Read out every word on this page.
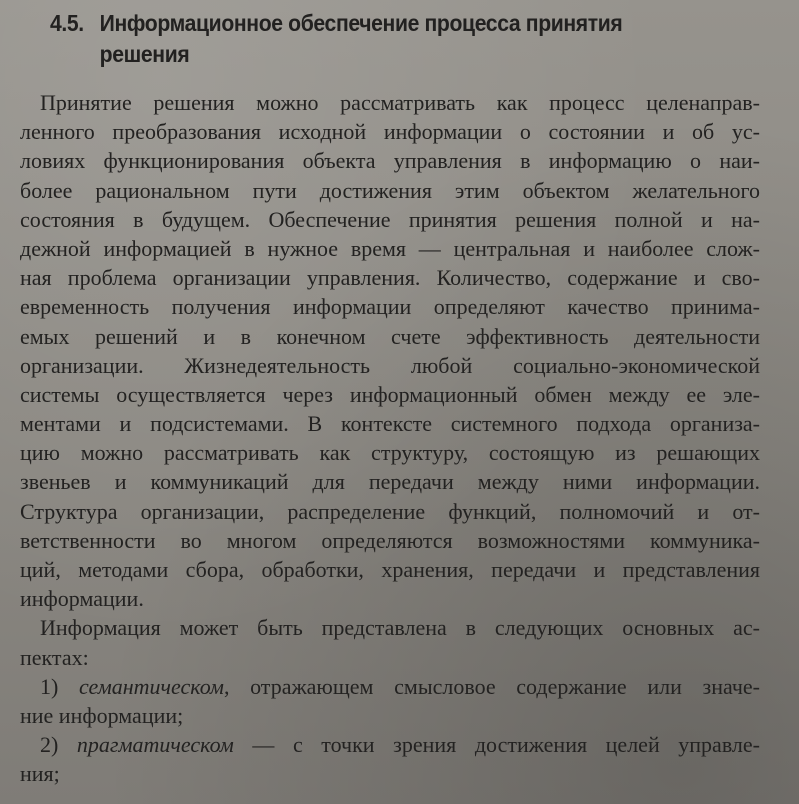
4.5. Информационное обеспечение процесса принятия
решения
Принятие решения можно рассматривать как процесс целенаправ-
ленного преобразования исходной информации о состоянии и об ус-
ловиях функционирования объекта управления в информацию о наи-
более рациональном пути достижения этим объектом желательного
состояния в будущем. Обеспечение принятия решения полной и на-
дежной информацией в нужное время — центральная и наиболее слож-
ная проблема организации управления. Количество, содержание и сво-
евременность получения информации определяют качество принима-
емых решений и в конечном счете эффективность деятельности
организации. Жизнедеятельность любой социально-экономической
системы осуществляется через информационный обмен между ее эле-
ментами и подсистемами. В контексте системного подхода организа-
цию можно рассматривать как структуру, состоящую из решающих
звеньев и коммуникаций для передачи между ними информации.
Структура организации, распределение функций, полномочий и от-
ветственности во многом определяются возможностями коммуника-
ций, методами сбора, обработки, хранения, передачи и представления
информации.
Информация может быть представлена в следующих основных ас-
пектах:
1) семантическом, отражающем смысловое содержание или значе-
ние информации;
2) прагматическом — с точки зрения достижения целей управле-
ния;
